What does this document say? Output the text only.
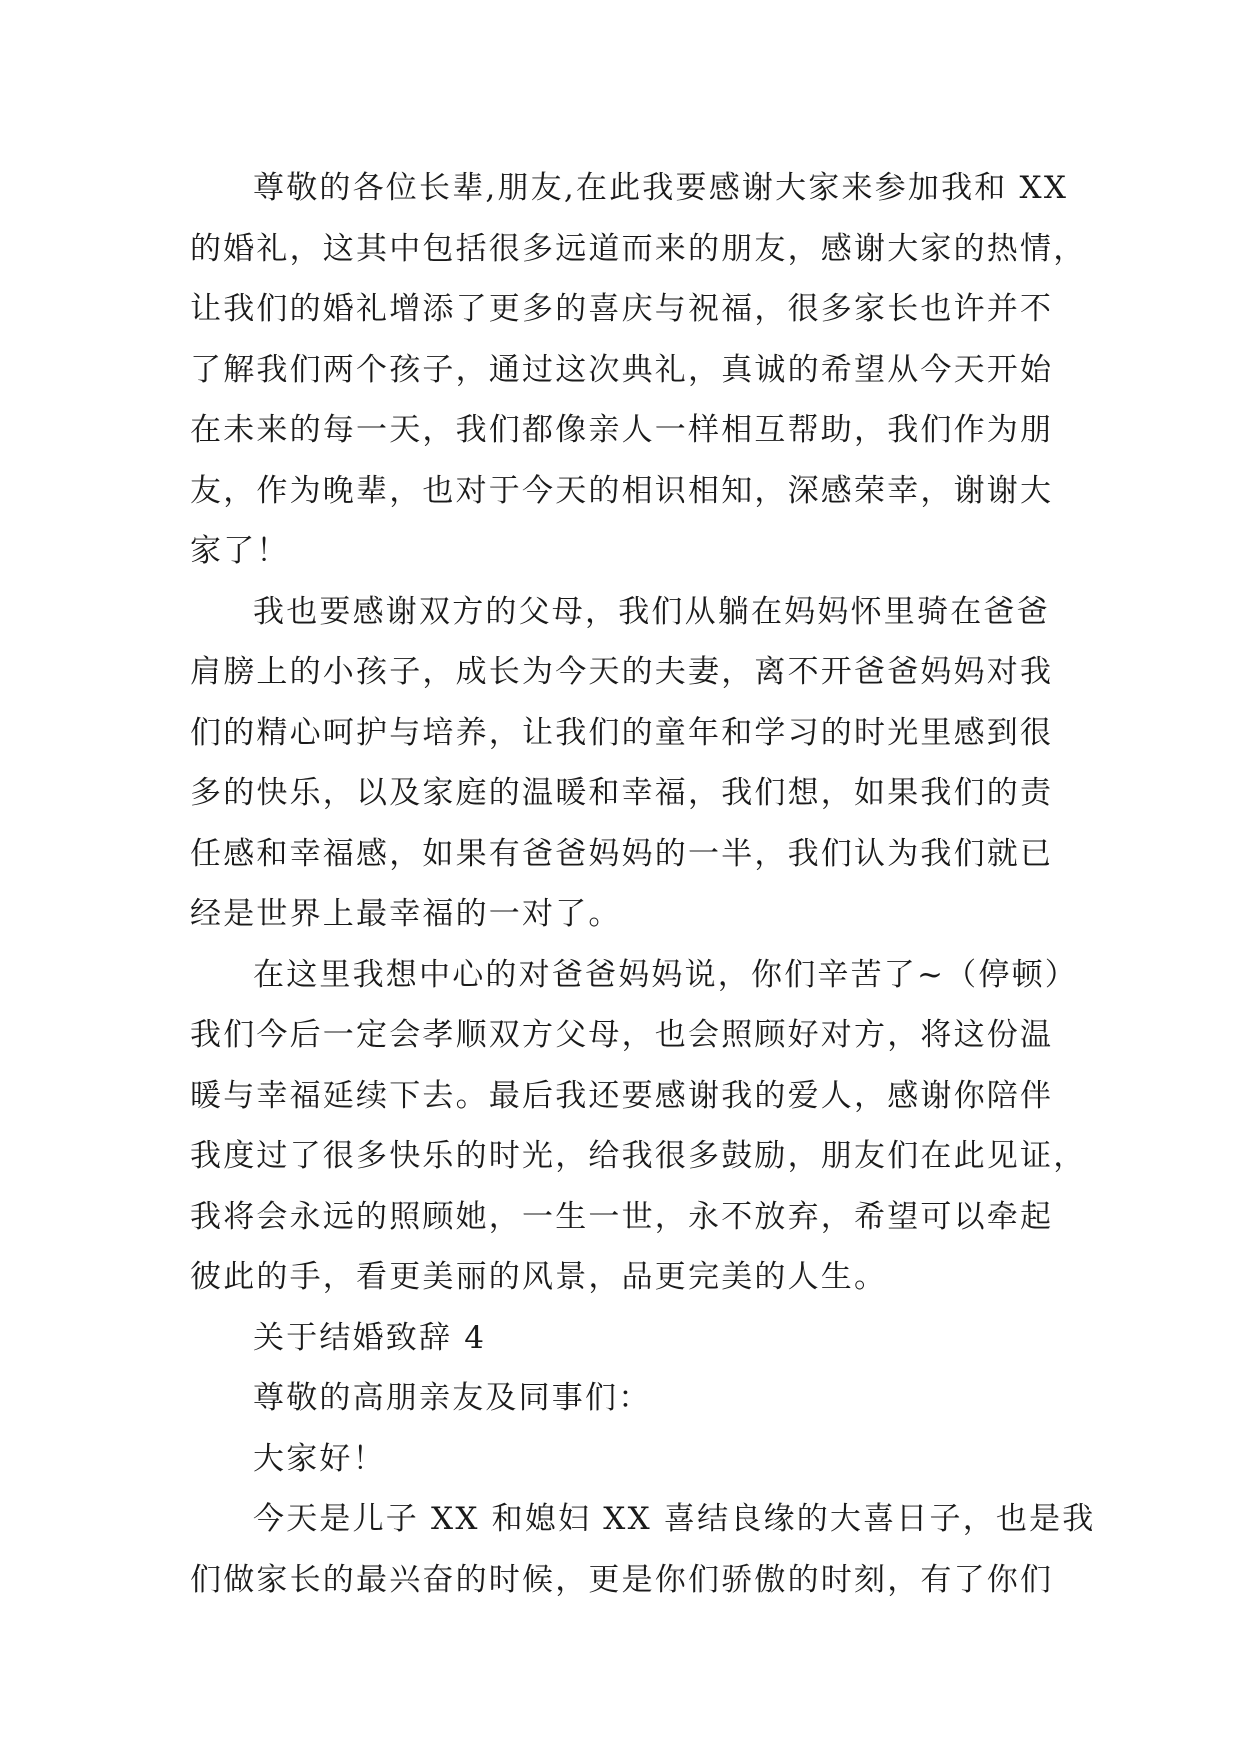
尊敬的各位长辈,朋友,在此我要感谢大家来参加我和 XX
的婚礼，这其中包括很多远道而来的朋友，感谢大家的热情，
让我们的婚礼增添了更多的喜庆与祝福，很多家长也许并不
了解我们两个孩子，通过这次典礼，真诚的希望从今天开始
在未来的每一天，我们都像亲人一样相互帮助，我们作为朋
友，作为晚辈，也对于今天的相识相知，深感荣幸，谢谢大
家了！
我也要感谢双方的父母，我们从躺在妈妈怀里骑在爸爸
肩膀上的小孩子，成长为今天的夫妻，离不开爸爸妈妈对我
们的精心呵护与培养，让我们的童年和学习的时光里感到很
多的快乐，以及家庭的温暖和幸福，我们想，如果我们的责
任感和幸福感，如果有爸爸妈妈的一半，我们认为我们就已
经是世界上最幸福的一对了。
在这里我想中心的对爸爸妈妈说，你们辛苦了~（停顿）
我们今后一定会孝顺双方父母，也会照顾好对方，将这份温
暖与幸福延续下去。最后我还要感谢我的爱人，感谢你陪伴
我度过了很多快乐的时光，给我很多鼓励，朋友们在此见证，
我将会永远的照顾她，一生一世，永不放弃，希望可以牵起
彼此的手，看更美丽的风景，品更完美的人生。
关于结婚致辞 4
尊敬的高朋亲友及同事们：
大家好！
今天是儿子 XX 和媳妇 XX 喜结良缘的大喜日子，也是我
们做家长的最兴奋的时候，更是你们骄傲的时刻，有了你们
